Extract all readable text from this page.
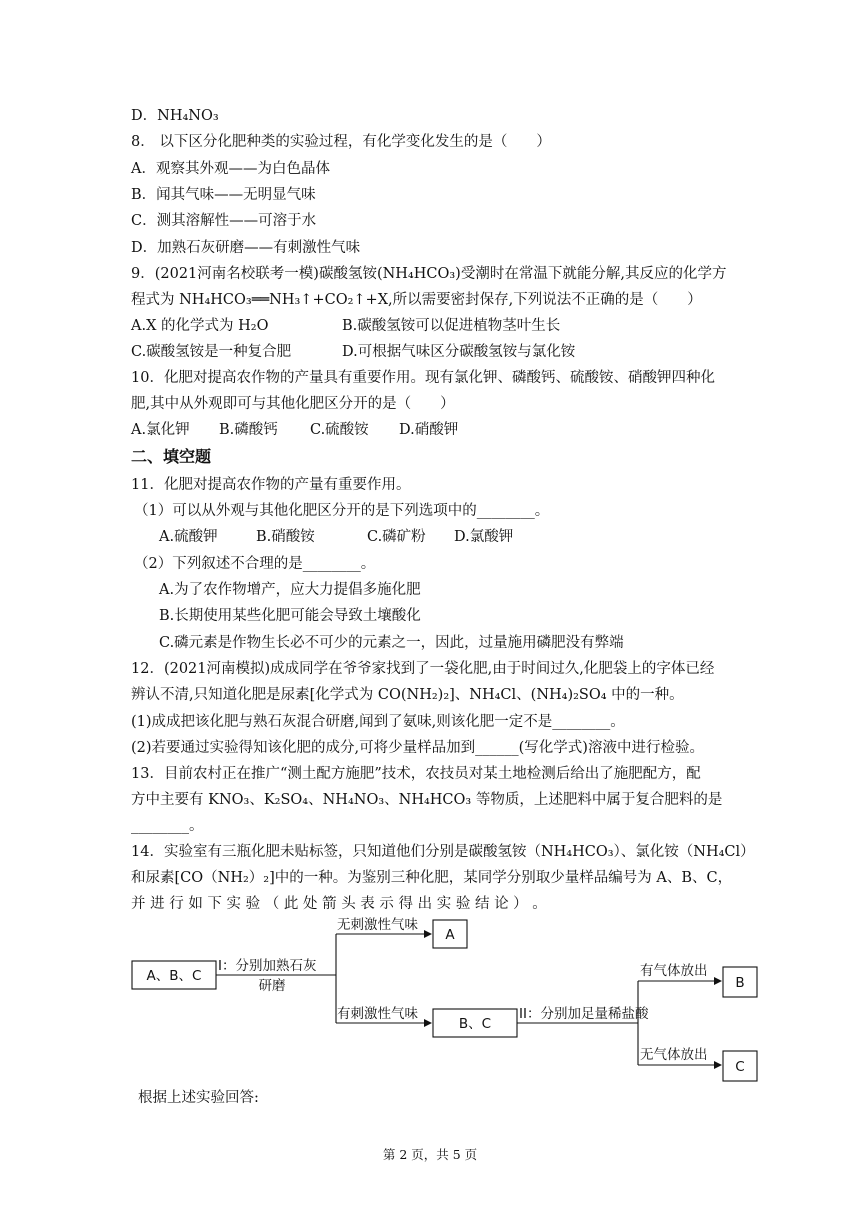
D．NH₄NO₃
8． 以下区分化肥种类的实验过程，有化学变化发生的是（　　）
A．观察其外观——为白色晶体
B．闻其气味——无明显气味
C．测其溶解性——可溶于水
D．加熟石灰研磨——有刺激性气味
9．(2021河南名校联考一模)碳酸氢铵(NH₄HCO₃)受潮时在常温下就能分解,其反应的化学方
程式为 NH₄HCO₃══NH₃↑+CO₂↑+X,所以需要密封保存,下列说法不正确的是（　　）
A.X 的化学式为 H₂O	B.碳酸氢铵可以促进植物茎叶生长
C.碳酸氢铵是一种复合肥	D.可根据气味区分碳酸氢铵与氯化铵
10．化肥对提高农作物的产量具有重要作用。现有氯化钾、磷酸钙、硫酸铵、硝酸钾四种化
肥,其中从外观即可与其他化肥区分开的是（　　）
A.氯化钾 B.磷酸钙 C.硫酸铵 D.硝酸钾
二、填空题
11．化肥对提高农作物的产量有重要作用。
（1）可以从外观与其他化肥区分开的是下列选项中的________。
A.硫酸钾	B.硝酸铵	C.磷矿粉 D.氯酸钾
（2）下列叙述不合理的是________。
A.为了农作物增产，应大力提倡多施化肥
B.长期使用某些化肥可能会导致土壤酸化
C.磷元素是作物生长必不可少的元素之一，因此，过量施用磷肥没有弊端
12．(2021河南模拟)成成同学在爷爷家找到了一袋化肥,由于时间过久,化肥袋上的字体已经
辨认不清,只知道化肥是尿素[化学式为 CO(NH₂)₂]、NH₄Cl、(NH₄)₂SO₄ 中的一种。
(1)成成把该化肥与熟石灰混合研磨,闻到了氨味,则该化肥一定不是________。
(2)若要通过实验得知该化肥的成分,可将少量样品加到______(写化学式)溶液中进行检验。
13．目前农村正在推广“测土配方施肥”技术，农技员对某土地检测后给出了施肥配方，配
方中主要有 KNO₃、K₂SO₄、NH₄NO₃、NH₄HCO₃ 等物质，上述肥料中属于复合肥料的是
________。
14．实验室有三瓶化肥未贴标签，只知道他们分别是碳酸氢铵（NH₄HCO₃）、氯化铵（NH₄Cl）
和尿素[CO（NH₂）₂]中的一种。为鉴别三种化肥，某同学分别取少量样品编号为 A、B、C，
并 进 行 如 下 实 验 （ 此 处 箭 头 表 示 得 出 实 验 结 论 ） 。
A、B、C
I：分别加熟石灰
研磨
无刺激性气味
A
有刺激性气味
B、C
II：分别加足量稀盐酸
有气体放出
B
无气体放出
C
根据上述实验回答:
第 2 页，共 5 页
